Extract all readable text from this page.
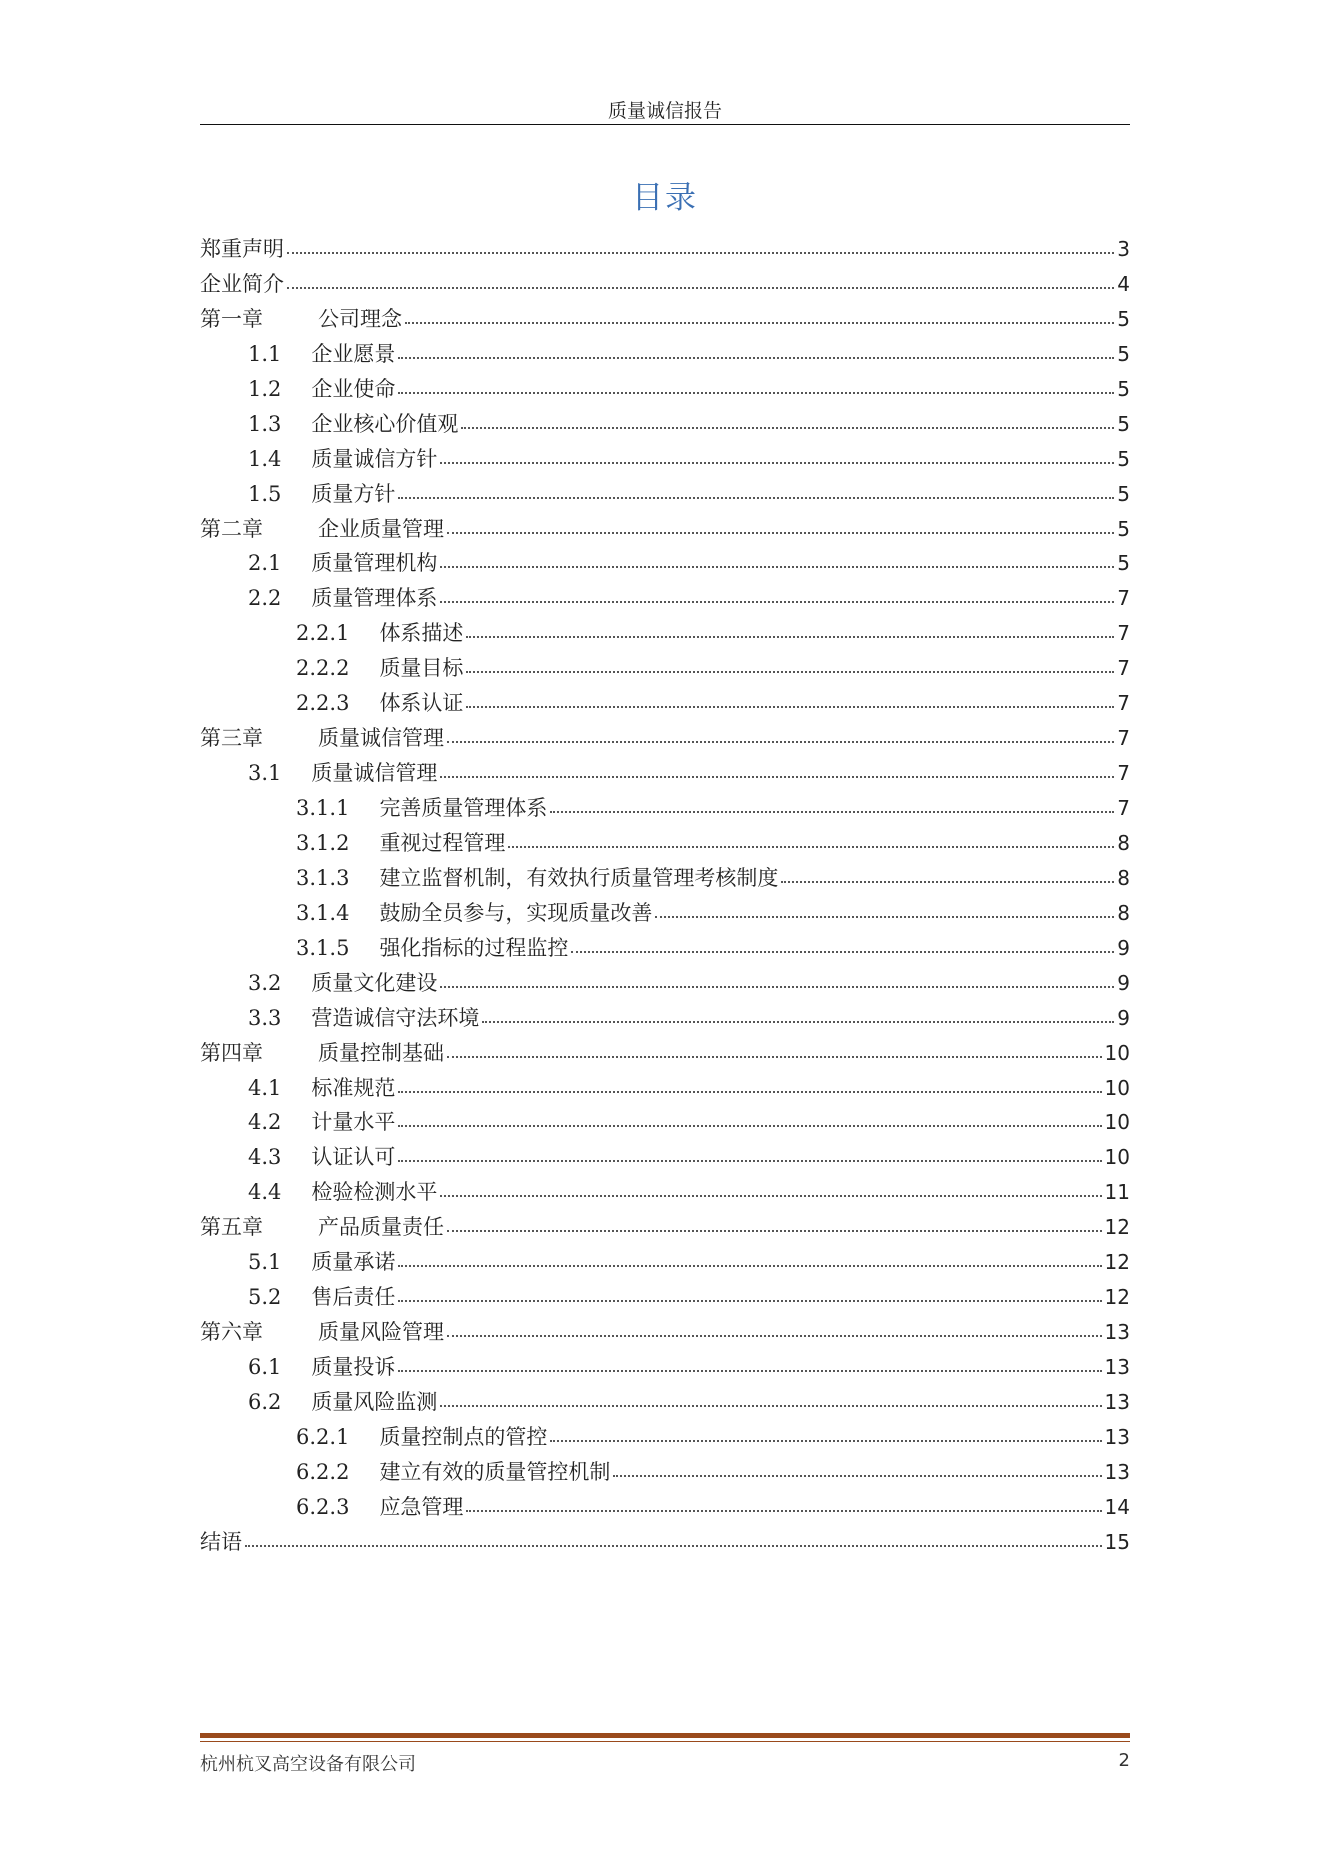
质量诚信报告
目录
郑重声明	3
企业简介	4
第一章	公司理念	5
1.1 企业愿景	5
1.2 企业使命	5
1.3 企业核心价值观	5
1.4 质量诚信方针	5
1.5 质量方针	5
第二章	企业质量管理	5
2.1 质量管理机构	5
2.2 质量管理体系	7
2.2.1 体系描述	7
2.2.2 质量目标	7
2.2.3 体系认证	7
第三章	质量诚信管理	7
3.1 质量诚信管理	7
3.1.1 完善质量管理体系	7
3.1.2 重视过程管理	8
3.1.3 建立监督机制，有效执行质量管理考核制度	8
3.1.4 鼓励全员参与，实现质量改善	8
3.1.5 强化指标的过程监控	9
3.2 质量文化建设	9
3.3 营造诚信守法环境	9
第四章	质量控制基础	10
4.1 标准规范	10
4.2 计量水平	10
4.3 认证认可	10
4.4 检验检测水平	11
第五章	产品质量责任	12
5.1 质量承诺	12
5.2 售后责任	12
第六章	质量风险管理	13
6.1 质量投诉	13
6.2 质量风险监测	13
6.2.1 质量控制点的管控	13
6.2.2 建立有效的质量管控机制	13
6.2.3 应急管理	14
结语	15
杭州杭叉高空设备有限公司	2
